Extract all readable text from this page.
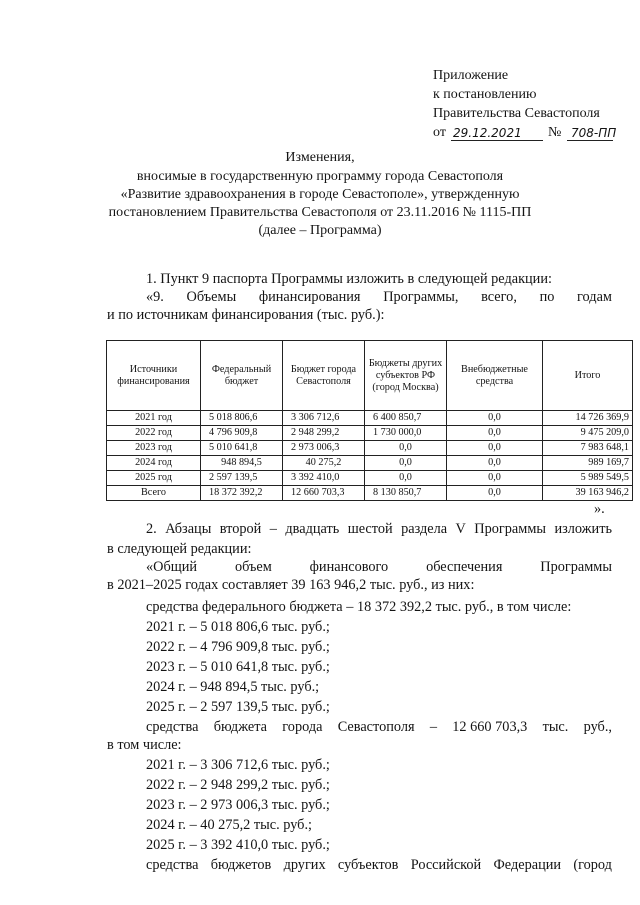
Приложение
к постановлению
Правительства Севастополя
от 29.12.2021 № 708-ПП
Изменения,
вносимые в государственную программу города Севастополя
«Развитие здравоохранения в городе Севастополе», утвержденную
постановлением Правительства Севастополя от 23.11.2016 № 1115-ПП
(далее – Программа)
1. Пункт 9 паспорта Программы изложить в следующей редакции:
«9. Объемы финансирования Программы, всего, по годам
и по источникам финансирования (тыс. руб.):
Источники финансирования	Федеральный бюджет	Бюджет города Севастополя	Бюджеты других субъектов РФ (город Москва)	Внебюджетные средства	Итого
2021 год	5 018 806,6	3 306 712,6	6 400 850,7	0,0	14 726 369,9
2022 год	4 796 909,8	2 948 299,2	1 730 000,0	0,0	9 475 209,0
2023 год	5 010 641,8	2 973 006,3	0,0	0,0	7 983 648,1
2024 год	948 894,5	40 275,2	0,0	0,0	989 169,7
2025 год	2 597 139,5	3 392 410,0	0,0	0,0	5 989 549,5
Всего	18 372 392,2	12 660 703,3	8 130 850,7	0,0	39 163 946,2
».
2. Абзацы второй – двадцать шестой раздела V Программы изложить
в следующей редакции:
«Общий	объем	финансового	обеспечения	Программы
в 2021–2025 годах составляет 39 163 946,2 тыс. руб., из них:
средства федерального бюджета – 18 372 392,2 тыс. руб., в том числе:
2021 г. – 5 018 806,6 тыс. руб.;
2022 г. – 4 796 909,8 тыс. руб.;
2023 г. – 5 010 641,8 тыс. руб.;
2024 г. – 948 894,5 тыс. руб.;
2025 г. – 2 597 139,5 тыс. руб.;
средства бюджета города Севастополя – 12 660 703,3 тыс. руб.,
в том числе:
2021 г. – 3 306 712,6 тыс. руб.;
2022 г. – 2 948 299,2 тыс. руб.;
2023 г. – 2 973 006,3 тыс. руб.;
2024 г. – 40 275,2 тыс. руб.;
2025 г. – 3 392 410,0 тыс. руб.;
средства бюджетов других субъектов Российской Федерации (город
